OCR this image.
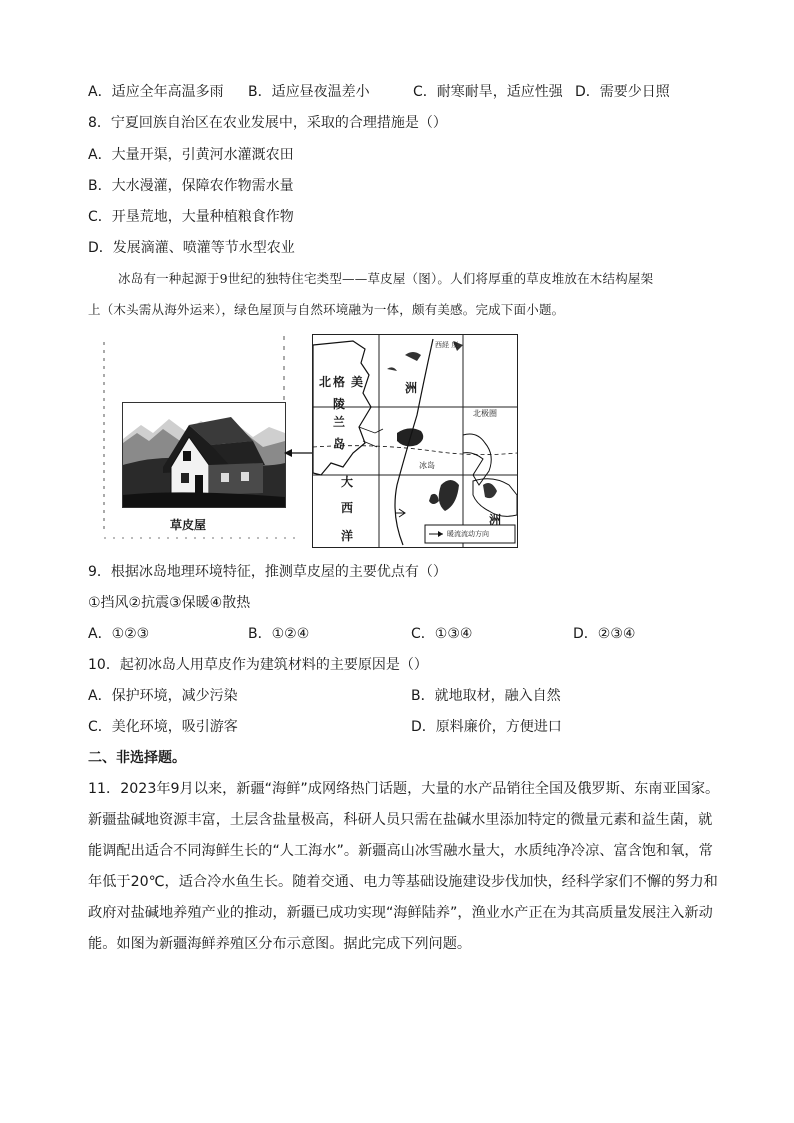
A．适应全年高温多雨 B．适应昼夜温差小	C．耐寒耐旱，适应性强 D．需要少日照
8．宁夏回族自治区在农业发展中，采取的合理措施是（）
A．大量开渠，引黄河水灌溉农田
B．大水漫灌，保障农作物需水量
C．开垦荒地，大量种植粮食作物
D．发展滴灌、喷灌等节水型农业
冰岛有一种起源于9世纪的独特住宅类型——草皮屋（图）。人们将厚重的草皮堆放在木结构屋架
上（木头需从海外运来），绿色屋顶与自然环境融为一体，颇有美感。完成下面小题。
草皮屋
西経 度
北 格
陵
兰
岛
美	洲
大
西
洋
欧 洲
北极圈
冰岛
暖流流动方向
9．根据冰岛地理环境特征，推测草皮屋的主要优点有（）
①挡风②抗震③保暖④散热
A．①②③	B．①②④	C．①③④	D．②③④
10．起初冰岛人用草皮作为建筑材料的主要原因是（）
A．保护环境，减少污染	B．就地取材，融入自然
C．美化环境，吸引游客	D．原料廉价，方便进口
二、非选择题。
11．2023年9月以来，新疆“海鲜”成网络热门话题，大量的水产品销往全国及俄罗斯、东南亚国家。
新疆盐碱地资源丰富，土层含盐量极高，科研人员只需在盐碱水里添加特定的微量元素和益生菌，就
能调配出适合不同海鲜生长的“人工海水”。新疆高山冰雪融水量大，水质纯净冷凉、富含饱和氧，常
年低于20℃，适合冷水鱼生长。随着交通、电力等基础设施建设步伐加快，经科学家们不懈的努力和
政府对盐碱地养殖产业的推动，新疆已成功实现“海鲜陆养”，渔业水产正在为其高质量发展注入新动
能。如图为新疆海鲜养殖区分布示意图。据此完成下列问题。
